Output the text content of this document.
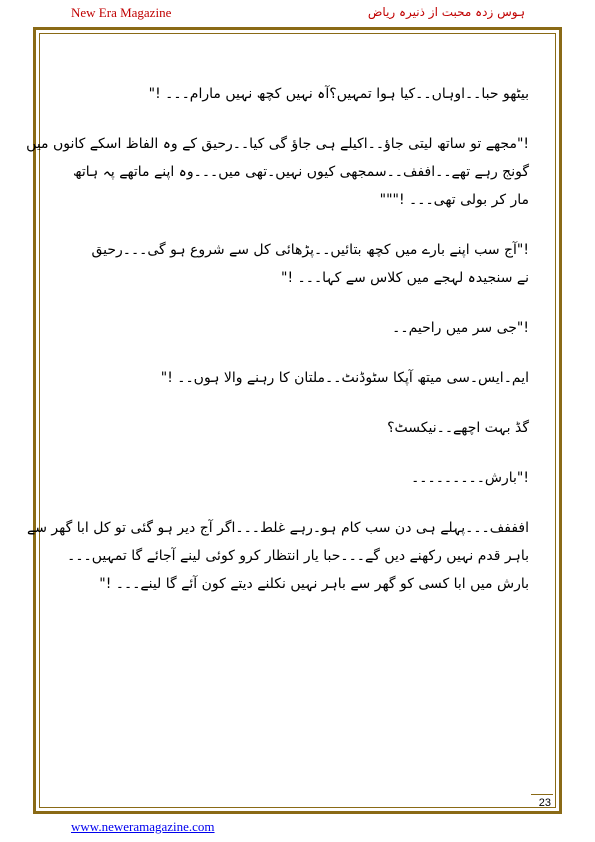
New Era Magazine	ہوس زدہ محبت از ذنیرہ ریاض
بیٹھو حبا۔۔اوہاں۔۔کیا ہوا تمہیں؟آہ نہیں کچھ نہیں مارام۔۔۔ !"
!"مجھے تو ساتھ لیتی جاؤ۔۔اکیلے ہی جاؤ گی کیا۔۔رحیق کے وہ الفاظ اسکے کانوں میں
گونج رہے تھے۔۔اففف۔۔سمجھی کیوں نہیں۔تھی میں۔۔۔وہ اپنے ماتھے پہ ہاتھ
مار کر بولی تھی۔۔۔ !"""
!"آج سب اپنے بارے میں کچھ بتائیں۔۔پڑھائی کل سے شروع ہو گی۔۔۔رحیق
نے سنجیدہ لہجے میں کلاس سے کہا۔۔۔ !"
!"جی سر میں راحیم۔۔
ایم۔ایس۔سی میتھ آپکا سٹوڈنٹ۔۔ملتان کا رہنے والا ہوں۔۔ !"
گڈ بہت اچھے۔۔نیکسٹ؟
!"بارش۔۔۔۔۔۔۔۔۔
افففف۔۔۔پہلے ہی دن سب کام ہو۔رہے غلط۔۔۔اگر آج دیر ہو گئی تو کل ابا گھر سے
باہر قدم نہیں رکھنے دیں گے۔۔۔حبا یار انتظار کرو کوئی لینے آجائے گا تمہیں۔۔۔
بارش میں ابا کسی کو گھر سے باہر نہیں نکلنے دیتے کون آئے گا لینے۔۔۔ !"
23
www.neweramagazine.com
